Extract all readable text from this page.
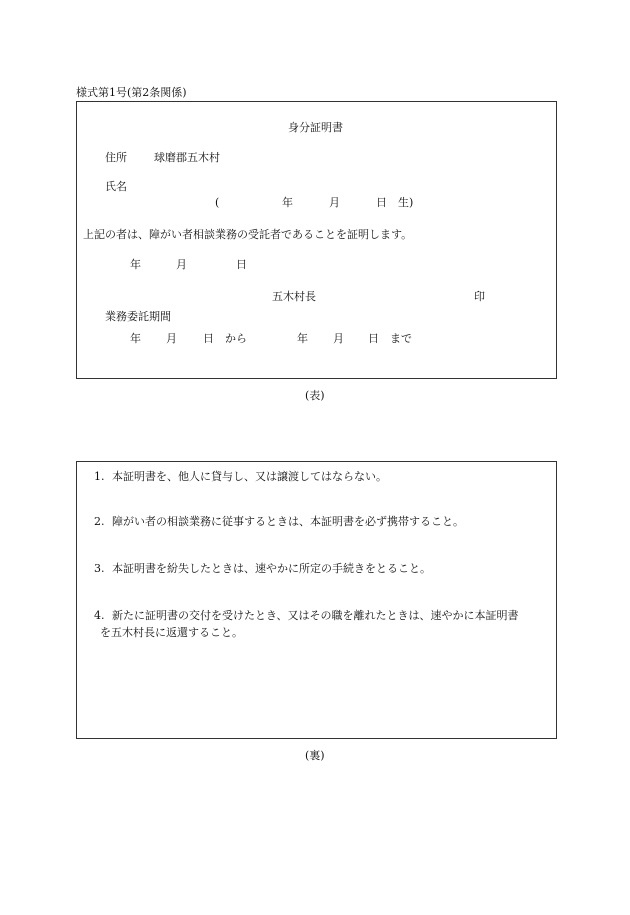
様式第1号(第2条関係)
身分証明書
住所 球磨郡五木村
氏名
(	年	月	日 生)
上記の者は、障がい者相談業務の受託者であることを証明します。
年	月	日
五木村長	印
業務委託期間
年 月 日 から	年 月 日 まで
(表)
1. 本証明書を、他人に貸与し、又は譲渡してはならない。
2. 障がい者の相談業務に従事するときは、本証明書を必ず携帯すること。
3. 本証明書を紛失したときは、速やかに所定の手続きをとること。
4. 新たに証明書の交付を受けたとき、又はその職を離れたときは、速やかに本証明書
を五木村長に返還すること。
(裏)
